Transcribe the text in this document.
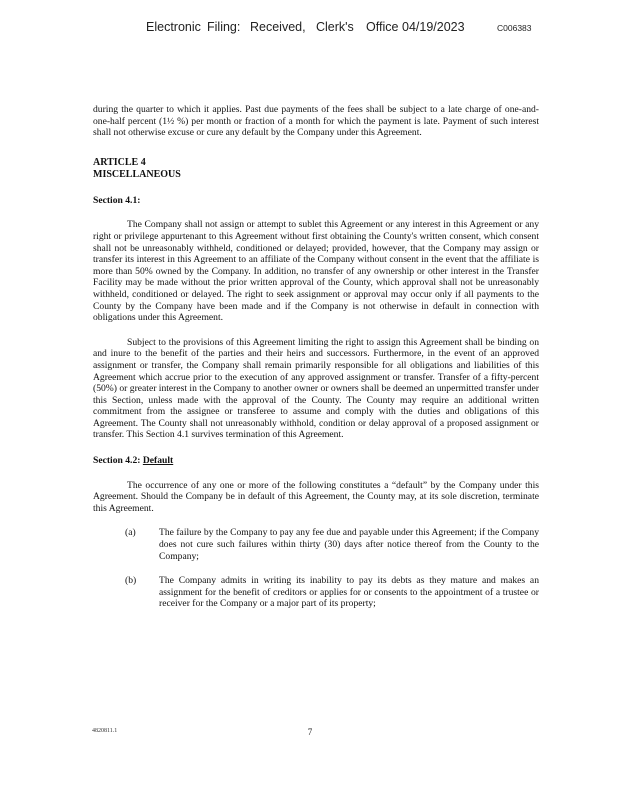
Electronic Filing: Received, Clerk's Office 04/19/2023	C006383

during the quarter to which it applies. Past due payments of the fees shall be subject to a late charge of one-and-one-half percent (1½ %) per month or fraction of a month for which the payment is late. Payment of such interest shall not otherwise excuse or cure any default by the Company under this Agreement.

ARTICLE 4

MISCELLANEOUS

Section 4.1:

The Company shall not assign or attempt to sublet this Agreement or any interest in this Agreement or any right or privilege appurtenant to this Agreement without first obtaining the County's written consent, which consent shall not be unreasonably withheld, conditioned or delayed; provided, however, that the Company may assign or transfer its interest in this Agreement to an affiliate of the Company without consent in the event that the affiliate is more than 50% owned by the Company. In addition, no transfer of any ownership or other interest in the Transfer Facility may be made without the prior written approval of the County, which approval shall not be unreasonably withheld, conditioned or delayed. The right to seek assignment or approval may occur only if all payments to the County by the Company have been made and if the Company is not otherwise in default in connection with obligations under this Agreement.

Subject to the provisions of this Agreement limiting the right to assign this Agreement shall be binding on and inure to the benefit of the parties and their heirs and successors. Furthermore, in the event of an approved assignment or transfer, the Company shall remain primarily responsible for all obligations and liabilities of this Agreement which accrue prior to the execution of any approved assignment or transfer. Transfer of a fifty-percent (50%) or greater interest in the Company to another owner or owners shall be deemed an unpermitted transfer under this Section, unless made with the approval of the County. The County may require an additional written commitment from the assignee or transferee to assume and comply with the duties and obligations of this Agreement. The County shall not unreasonably withhold, condition or delay approval of a proposed assignment or transfer. This Section 4.1 survives termination of this Agreement.

Section 4.2: Default

The occurrence of any one or more of the following constitutes a “default” by the Company under this Agreement. Should the Company be in default of this Agreement, the County may, at its sole discretion, terminate this Agreement.

(a) The failure by the Company to pay any fee due and payable under this Agreement; if the Company does not cure such failures within thirty (30) days after notice thereof from the County to the Company;

(b) The Company admits in writing its inability to pay its debts as they mature and makes an assignment for the benefit of creditors or applies for or consents to the appointment of a trustee or receiver for the Company or a major part of its property;

4820811.1	7
